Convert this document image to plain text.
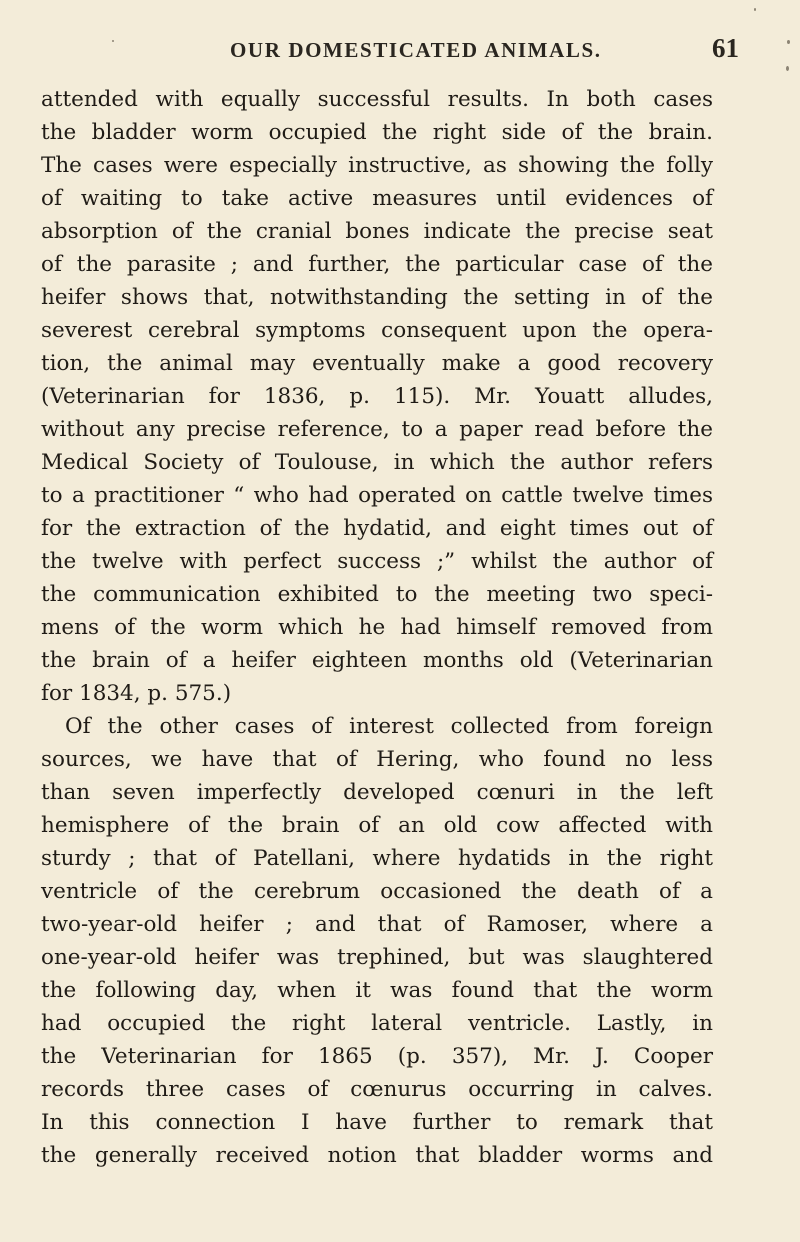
OUR DOMESTICATED ANIMALS.	61
attended with equally successful results. In both cases
the bladder worm occupied the right side of the brain.
The cases were especially instructive, as showing the folly
of waiting to take active measures until evidences of
absorption of the cranial bones indicate the precise seat
of the parasite ; and further, the particular case of the
heifer shows that, notwithstanding the setting in of the
severest cerebral symptoms consequent upon the opera-
tion, the animal may eventually make a good recovery
(Veterinarian for 1836, p. 115). Mr. Youatt alludes,
without any precise reference, to a paper read before the
Medical Society of Toulouse, in which the author refers
to a practitioner “ who had operated on cattle twelve times
for the extraction of the hydatid, and eight times out of
the twelve with perfect success ;” whilst the author of
the communication exhibited to the meeting two speci-
mens of the worm which he had himself removed from
the brain of a heifer eighteen months old (Veterinarian
for 1834, p. 575.)
Of the other cases of interest collected from foreign
sources, we have that of Hering, who found no less
than seven imperfectly developed cœnuri in the left
hemisphere of the brain of an old cow affected with
sturdy ; that of Patellani, where hydatids in the right
ventricle of the cerebrum occasioned the death of a
two-year-old heifer ; and that of Ramoser, where a
one-year-old heifer was trephined, but was slaughtered
the following day, when it was found that the worm
had occupied the right lateral ventricle. Lastly, in
the Veterinarian for 1865 (p. 357), Mr. J. Cooper
records three cases of cœnurus occurring in calves.
In this connection I have further to remark that
the generally received notion that bladder worms and
